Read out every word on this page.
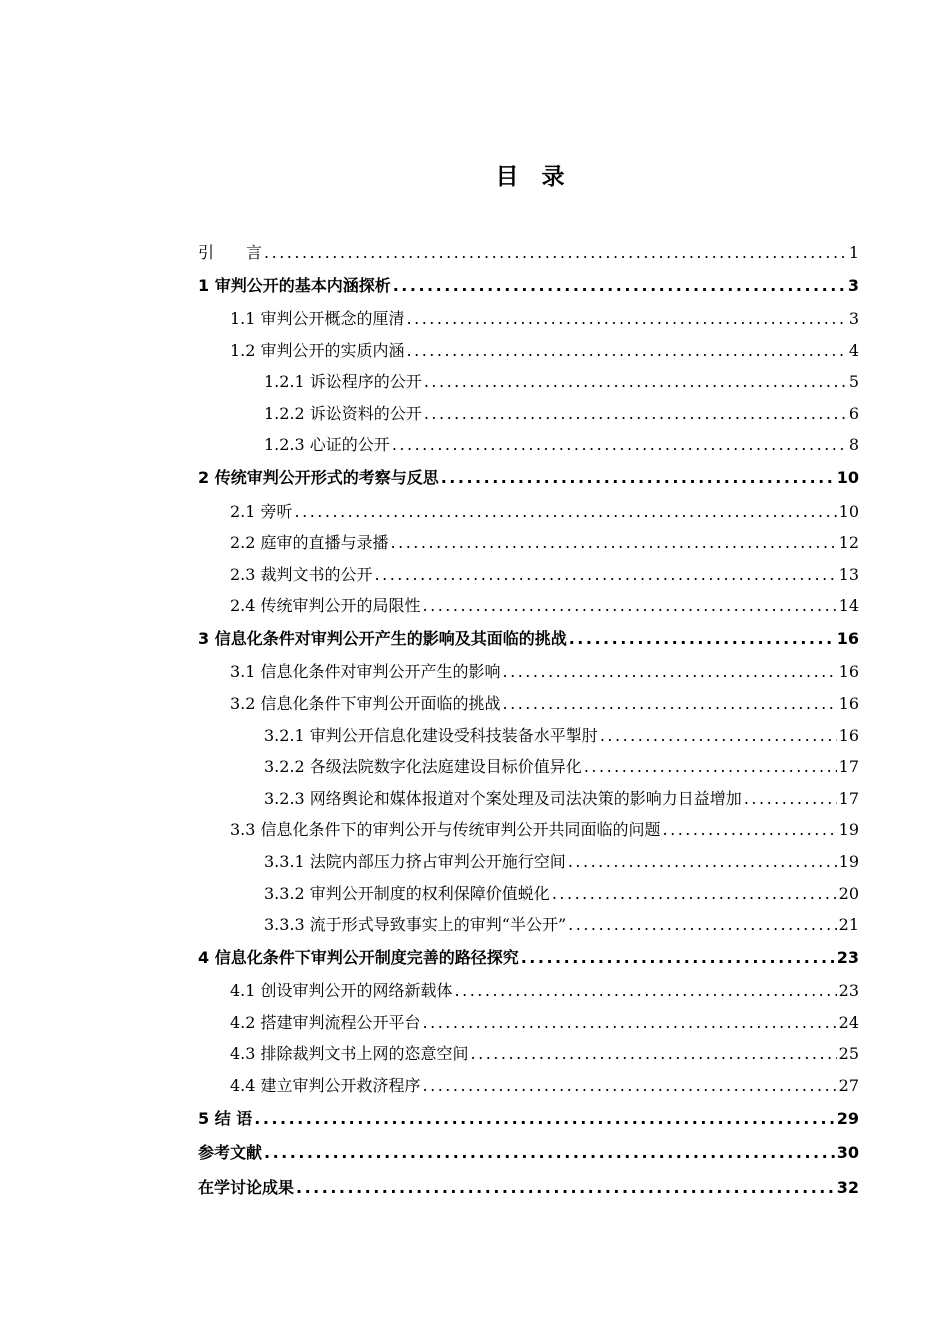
目　录
引　　言 .....	1
1 审判公开的基本内涵探析 .....	3
1.1 审判公开概念的厘清 .....	3
1.2 审判公开的实质内涵 .....	4
1.2.1 诉讼程序的公开 .....	5
1.2.2 诉讼资料的公开 .....	6
1.2.3 心证的公开 .....	8
2 传统审判公开形式的考察与反思 .....	10
2.1 旁听 .....	10
2.2 庭审的直播与录播 .....	12
2.3 裁判文书的公开 .....	13
2.4 传统审判公开的局限性 .....	14
3 信息化条件对审判公开产生的影响及其面临的挑战 .....	16
3.1 信息化条件对审判公开产生的影响 .....	16
3.2 信息化条件下审判公开面临的挑战 .....	16
3.2.1 审判公开信息化建设受科技装备水平掣肘 .....	16
3.2.2 各级法院数字化法庭建设目标价值异化 .....	17
3.2.3 网络舆论和媒体报道对个案处理及司法决策的影响力日益增加 .....	17
3.3 信息化条件下的审判公开与传统审判公开共同面临的问题 .....	19
3.3.1 法院内部压力挤占审判公开施行空间 .....	19
3.3.2 审判公开制度的权利保障价值蜕化 .....	20
3.3.3 流于形式导致事实上的审判“半公开” .....	21
4 信息化条件下审判公开制度完善的路径探究 .....	23
4.1 创设审判公开的网络新载体 .....	23
4.2 搭建审判流程公开平台 .....	24
4.3 排除裁判文书上网的恣意空间 .....	25
4.4 建立审判公开救济程序 .....	27
5 结 语 .....	29
参考文献 .....	30
在学讨论成果 .....	32
